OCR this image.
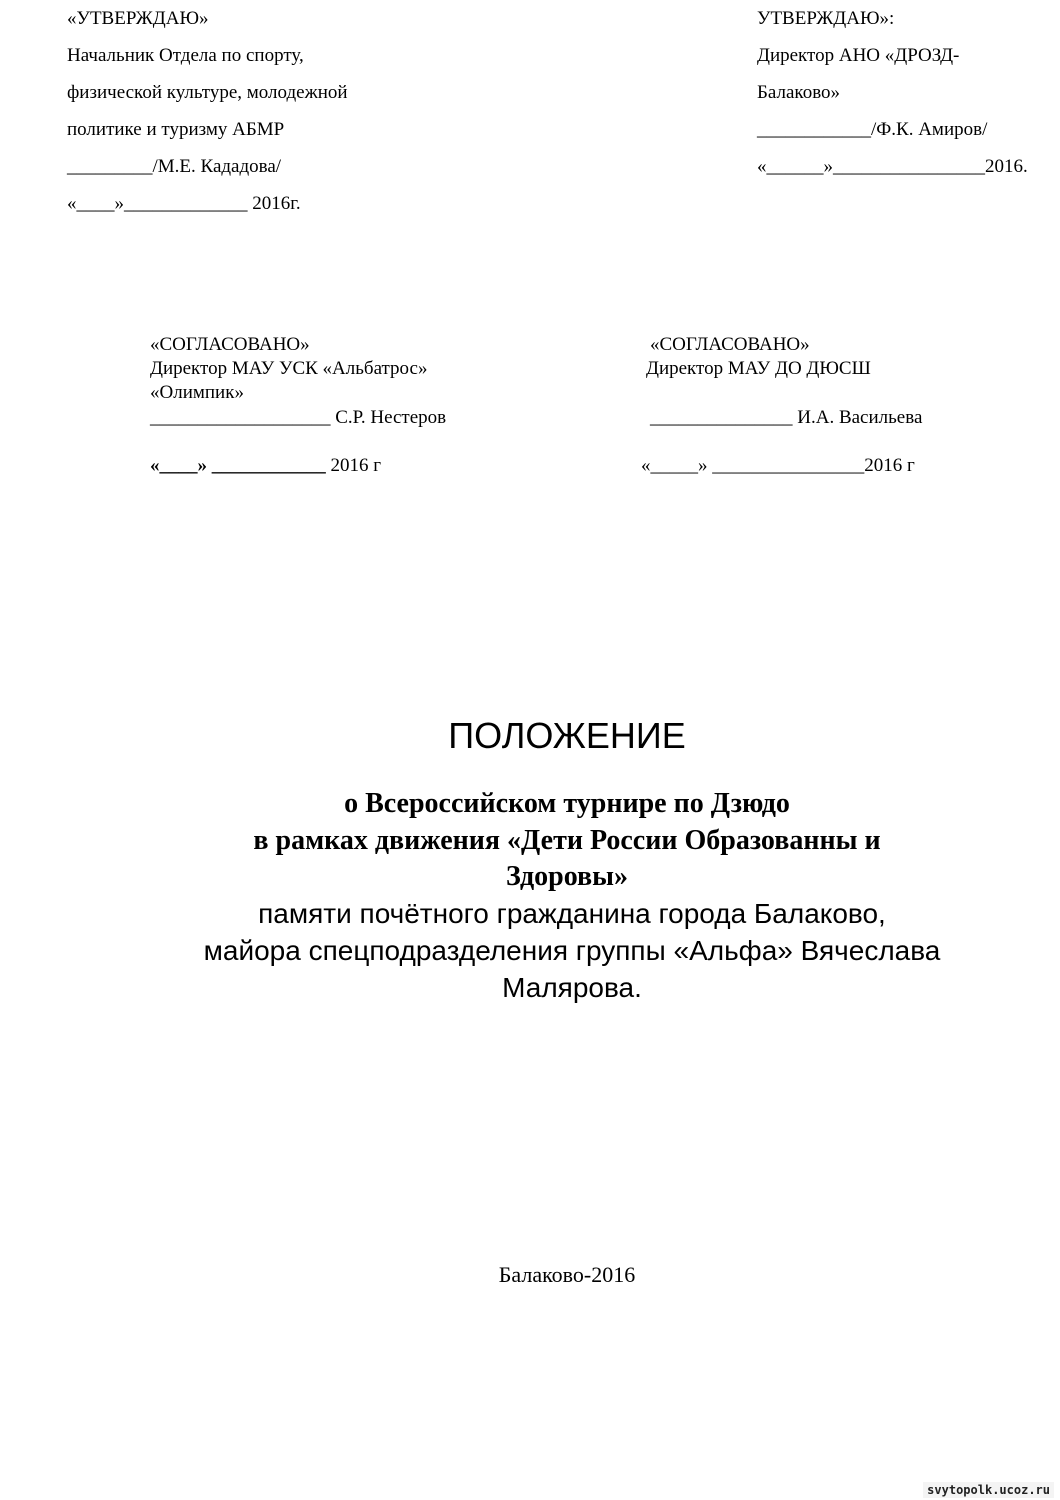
«УТВЕРЖДАЮ»
Начальник Отдела по спорту,
физической культуре, молодежной
политике и туризму АБМР
_________/М.Е. Кададова/
«____»_____________ 2016г.
УТВЕРЖДАЮ»:
Директор АНО «ДРОЗД-
Балаково»
____________/Ф.К. Амиров/
«______»________________2016.
«СОГЛАСОВАНО»
Директор МАУ УСК «Альбатрос»
«Олимпик»
___________________ С.Р. Нестеров
«____» ____________ 2016 г
«СОГЛАСОВАНО»
Директор МАУ ДО ДЮСШ
_______________ И.А. Васильева
«_____» ________________2016 г
ПОЛОЖЕНИЕ
о Всероссийском турнире по Дзюдо
в рамках движения «Дети России Образованны и
Здоровы»
памяти почётного гражданина города Балаково,
майора спецподразделения группы «Альфа» Вячеслава
Малярова.
Балаково-2016
svytopolk.ucoz.ru
